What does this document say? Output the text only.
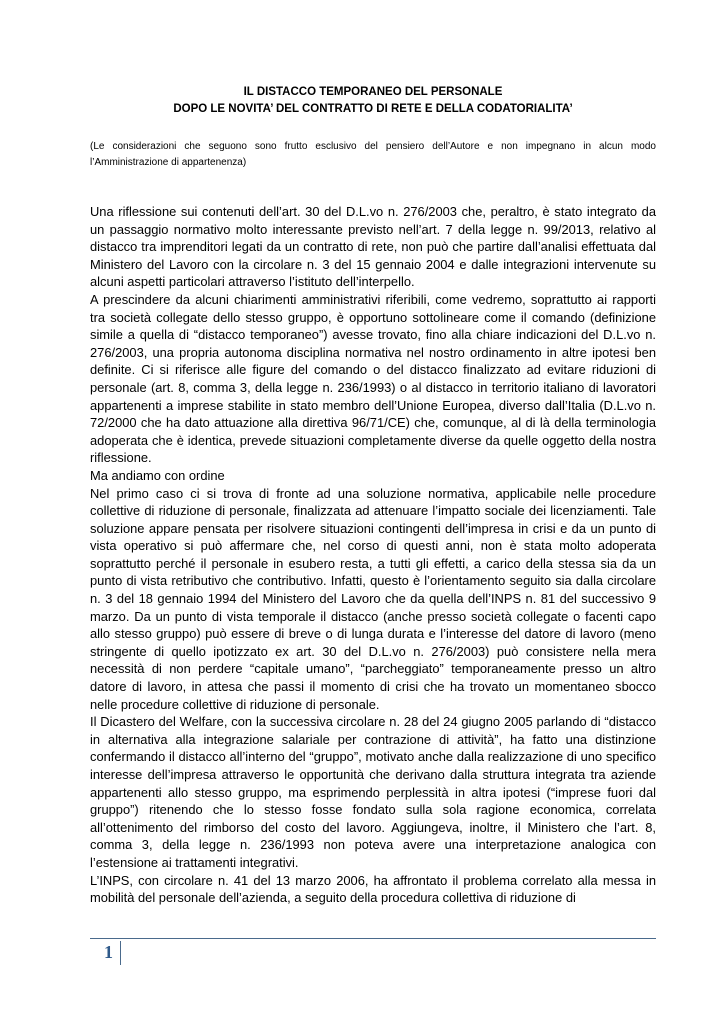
IL DISTACCO TEMPORANEO DEL PERSONALE

DOPO LE NOVITA’ DEL CONTRATTO DI RETE E DELLA CODATORIALITA’

(Le considerazioni che seguono sono frutto esclusivo del pensiero dell’Autore e non impegnano in alcun modo l’Amministrazione di appartenenza)

Una riflessione sui contenuti dell’art. 30 del D.L.vo n. 276/2003 che, peraltro, è stato integrato da un passaggio normativo molto interessante previsto nell’art. 7 della legge n. 99/2013, relativo al distacco tra imprenditori legati da un contratto di rete, non può che partire dall’analisi effettuata dal Ministero del Lavoro con la circolare n. 3 del 15 gennaio 2004 e dalle integrazioni intervenute su alcuni aspetti particolari attraverso l’istituto dell’interpello.

A prescindere da alcuni chiarimenti amministrativi riferibili, come vedremo, soprattutto ai rapporti tra società collegate dello stesso gruppo, è opportuno sottolineare come il comando (definizione simile a quella di “distacco temporaneo”) avesse trovato, fino alla chiare indicazioni del D.L.vo n. 276/2003, una propria autonoma disciplina normativa nel nostro ordinamento in altre ipotesi ben definite. Ci si riferisce alle figure del comando o del distacco finalizzato ad evitare riduzioni di personale (art. 8, comma 3, della legge n. 236/1993) o al distacco in territorio italiano di lavoratori appartenenti a imprese stabilite in stato membro dell’Unione Europea, diverso dall’Italia (D.L.vo n. 72/2000 che ha dato attuazione alla direttiva 96/71/CE) che, comunque, al di là della terminologia adoperata che è identica, prevede situazioni completamente diverse da quelle oggetto della nostra riflessione.

Ma andiamo con ordine

Nel primo caso ci si trova di fronte ad una soluzione normativa, applicabile nelle procedure collettive di riduzione di personale, finalizzata ad attenuare l’impatto sociale dei licenziamenti. Tale soluzione appare pensata per risolvere situazioni contingenti dell’impresa in crisi e da un punto di vista operativo si può affermare che, nel corso di questi anni, non è stata molto adoperata soprattutto perché il personale in esubero resta, a tutti gli effetti, a carico della stessa sia da un punto di vista retributivo che contributivo. Infatti, questo è l’orientamento seguito sia dalla circolare n. 3 del 18 gennaio 1994 del Ministero del Lavoro che da quella dell’INPS n. 81 del successivo 9 marzo. Da un punto di vista temporale il distacco (anche presso società collegate o facenti capo allo stesso gruppo) può essere di breve o di lunga durata e l’interesse del datore di lavoro (meno stringente di quello ipotizzato ex art. 30 del D.L.vo n. 276/2003) può consistere nella mera necessità di non perdere “capitale umano”, “parcheggiato” temporaneamente presso un altro datore di lavoro, in attesa che passi il momento di crisi che ha trovato un momentaneo sbocco nelle procedure collettive di riduzione di personale.

Il Dicastero del Welfare, con la successiva circolare n. 28 del 24 giugno 2005 parlando di “distacco in alternativa alla integrazione salariale per contrazione di attività”, ha fatto una distinzione confermando il distacco all’interno del “gruppo”, motivato anche dalla realizzazione di uno specifico interesse dell’impresa attraverso le opportunità che derivano dalla struttura integrata tra aziende appartenenti allo stesso gruppo, ma esprimendo perplessità in altra ipotesi (“imprese fuori dal gruppo”) ritenendo che lo stesso fosse fondato sulla sola ragione economica, correlata all’ottenimento del rimborso del costo del lavoro. Aggiungeva, inoltre, il Ministero che l’art. 8, comma 3, della legge n. 236/1993 non poteva avere una interpretazione analogica con l’estensione ai trattamenti integrativi.

L’INPS, con circolare n. 41 del 13 marzo 2006, ha affrontato il problema correlato alla messa in mobilità del personale dell’azienda, a seguito della procedura collettiva di riduzione di

1
